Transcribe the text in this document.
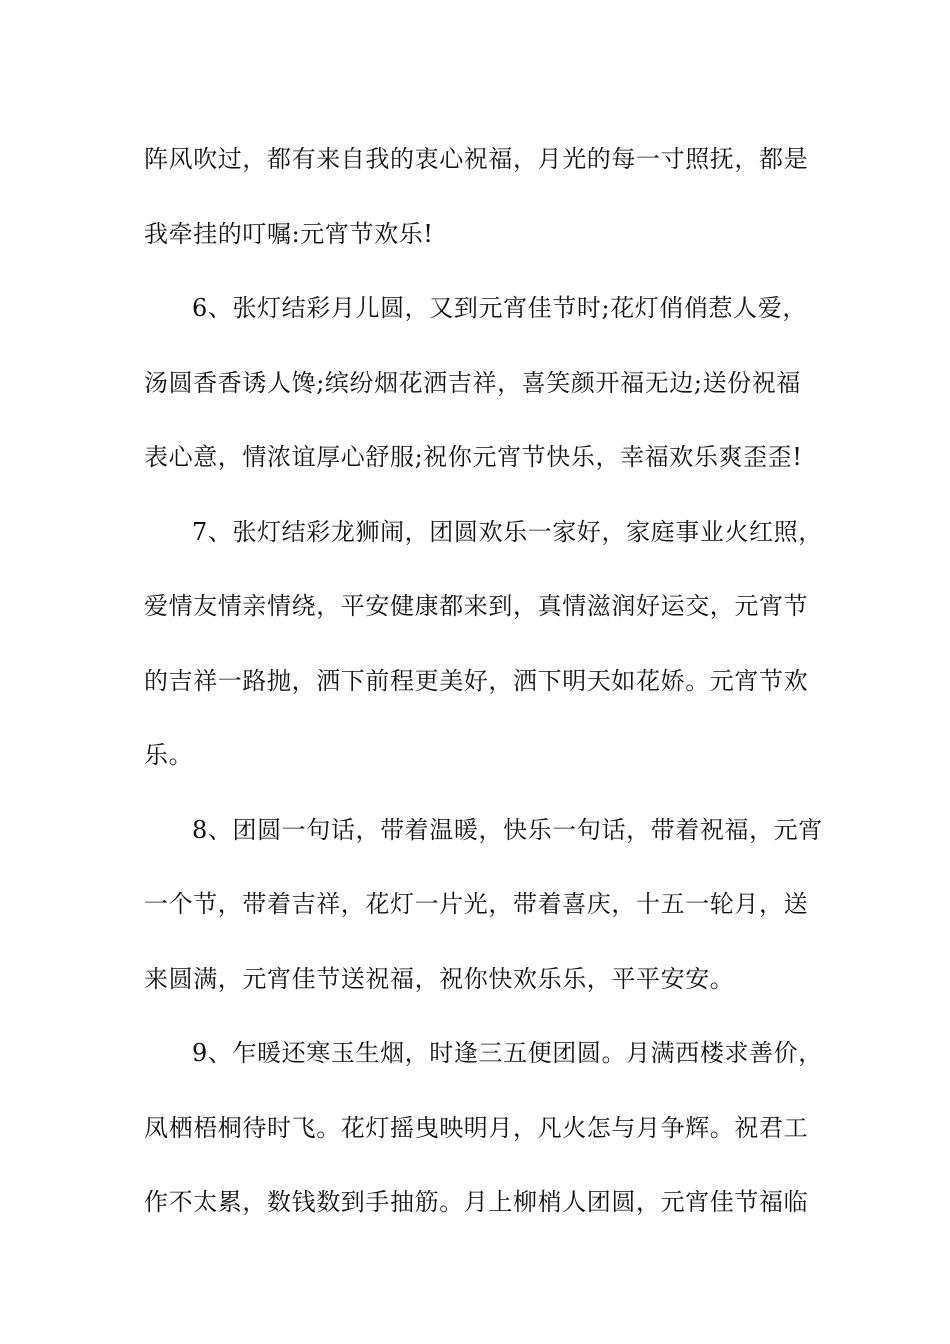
阵风吹过，都有来自我的衷心祝福，月光的每一寸照抚，都是
我牵挂的叮嘱:元宵节欢乐!
6、张灯结彩月儿圆，又到元宵佳节时;花灯俏俏惹人爱，
汤圆香香诱人馋;缤纷烟花洒吉祥，喜笑颜开福无边;送份祝福
表心意，情浓谊厚心舒服;祝你元宵节快乐，幸福欢乐爽歪歪!
7、张灯结彩龙狮闹，团圆欢乐一家好，家庭事业火红照，
爱情友情亲情绕，平安健康都来到，真情滋润好运交，元宵节
的吉祥一路抛，洒下前程更美好，洒下明天如花娇。元宵节欢
乐。
8、团圆一句话，带着温暖，快乐一句话，带着祝福，元宵
一个节，带着吉祥，花灯一片光，带着喜庆，十五一轮月，送
来圆满，元宵佳节送祝福，祝你快欢乐乐，平平安安。
9、乍暖还寒玉生烟，时逢三五便团圆。月满西楼求善价，
凤栖梧桐待时飞。花灯摇曳映明月，凡火怎与月争辉。祝君工
作不太累，数钱数到手抽筋。月上柳梢人团圆，元宵佳节福临
